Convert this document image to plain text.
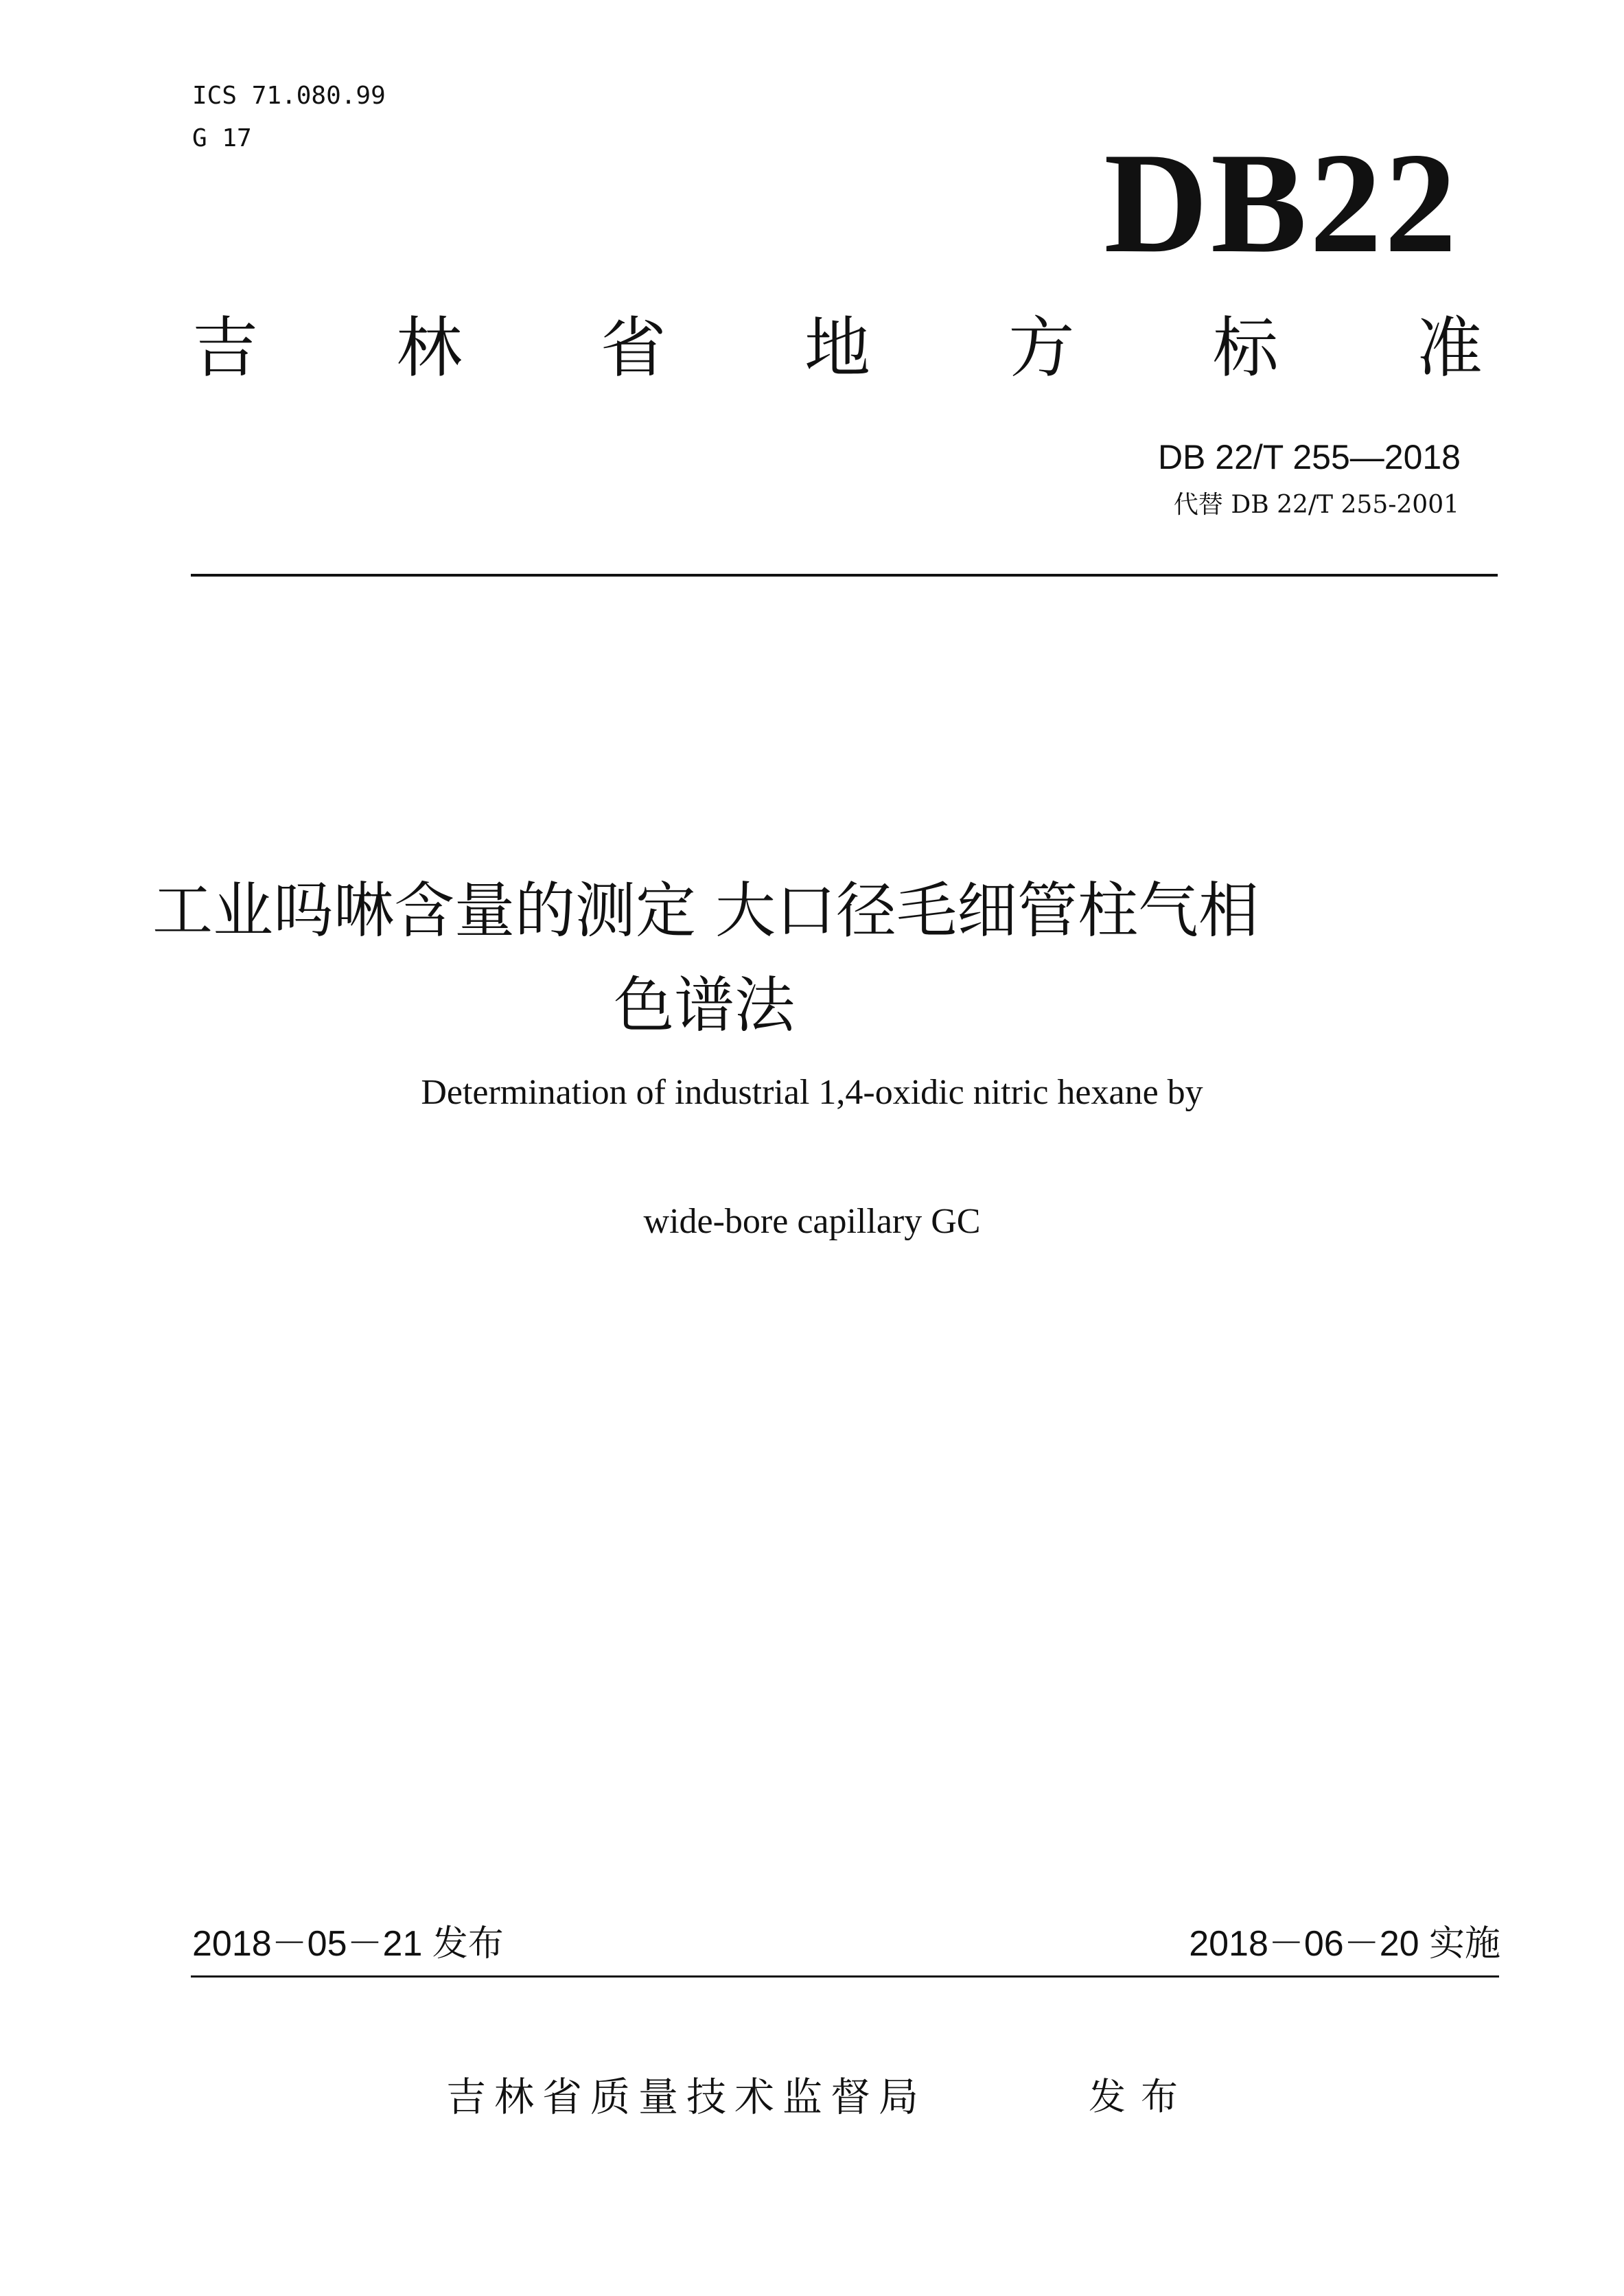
ICS 71.080.99
G 17	DB22
吉 林 省 地 方 标 准
DB 22/T 255—2018
代替 DB 22/T 255-2001
工业吗啉含量的测定 大口径毛细管柱气相
色谱法
Determination of industrial 1,4-oxidic nitric hexane by
wide-bore capillary GC
2018－05－21 发布	2018－06－20 实施
吉林省质量技术监督局	发布
